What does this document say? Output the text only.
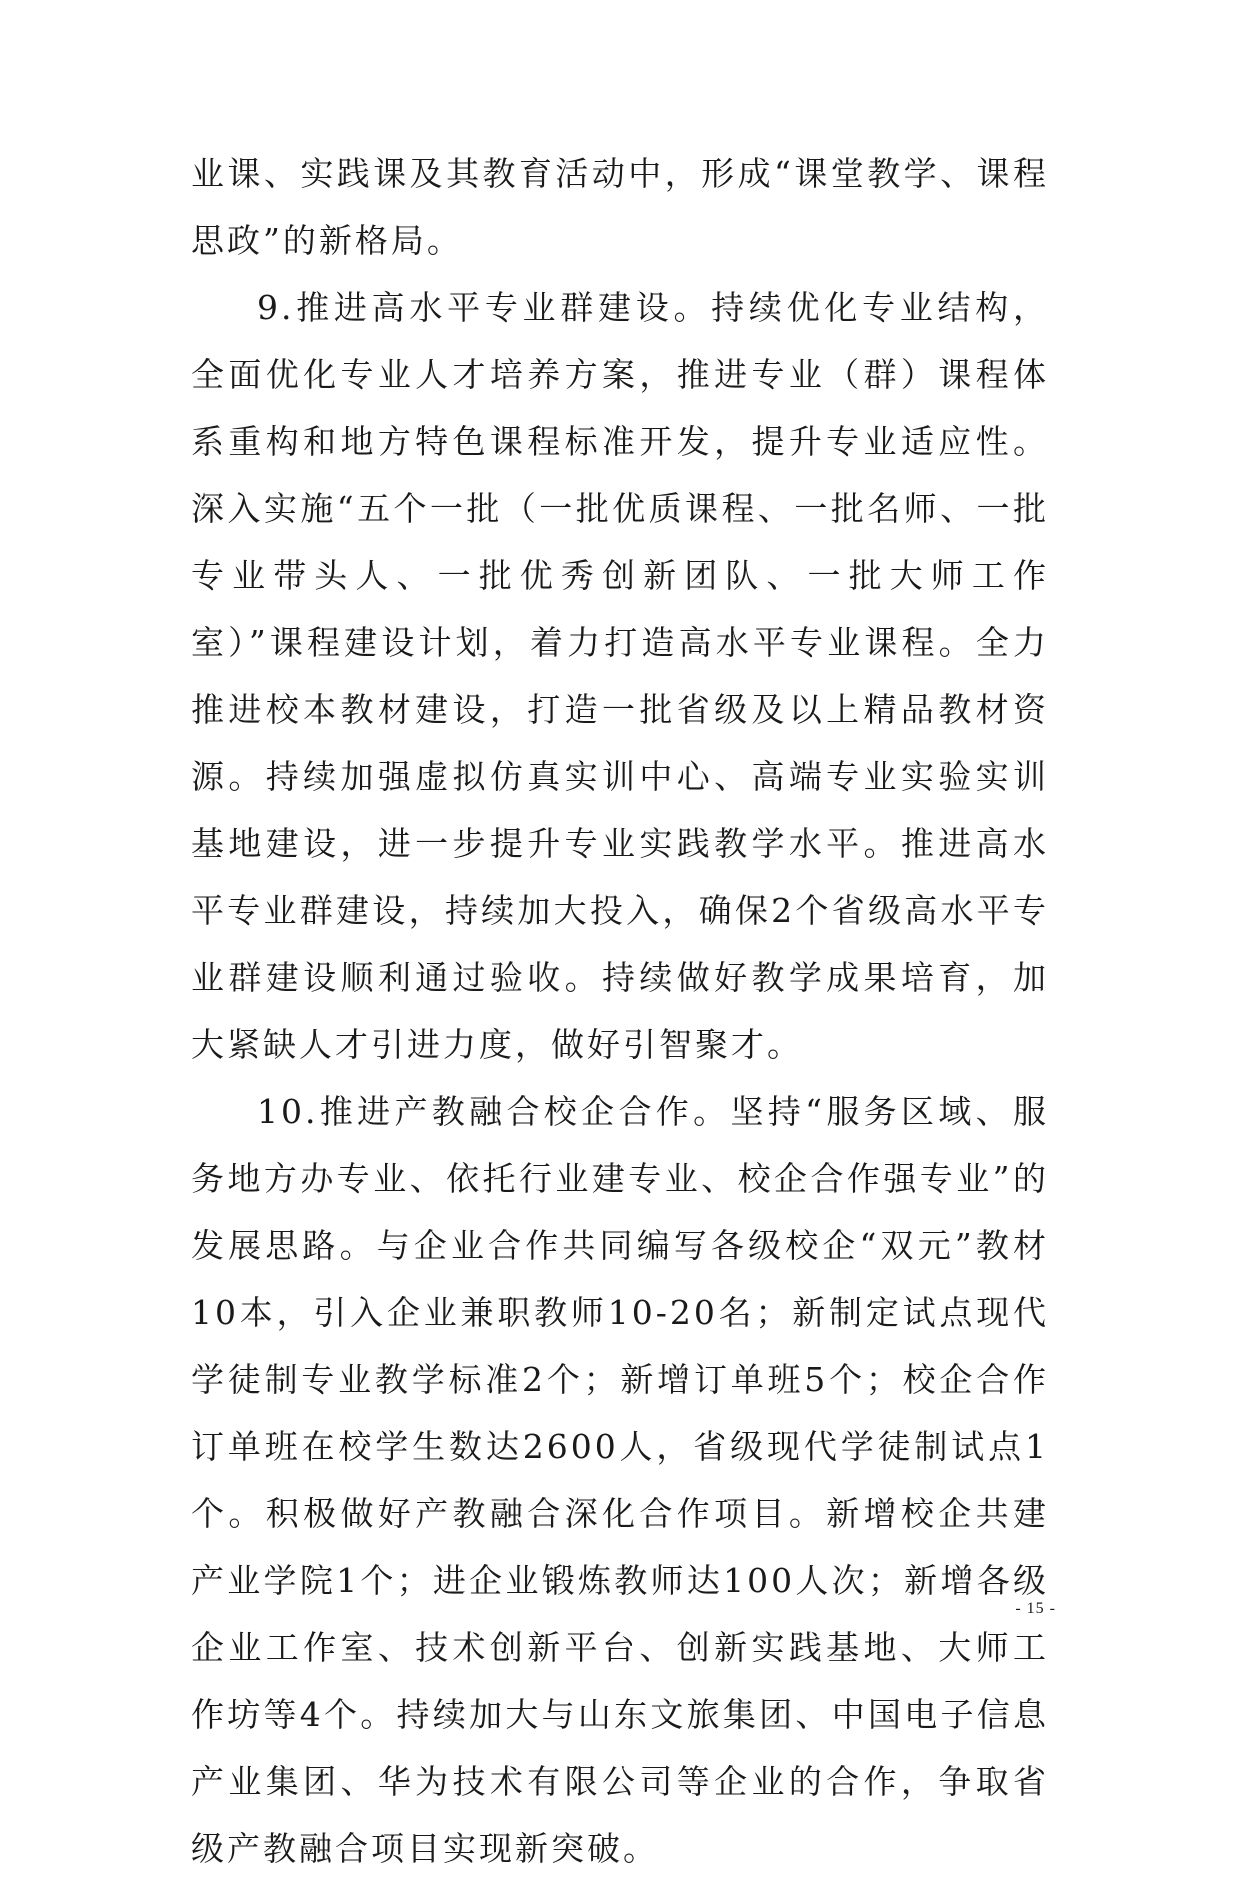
业课、实践课及其教育活动中，形成“课堂教学、课程思政”的新格局。

9.推进高水平专业群建设。持续优化专业结构，全面优化专业人才培养方案，推进专业（群）课程体系重构和地方特色课程标准开发，提升专业适应性。深入实施“五个一批（一批优质课程、一批名师、一批专业带头人、一批优秀创新团队、一批大师工作室）”课程建设计划，着力打造高水平专业课程。全力推进校本教材建设，打造一批省级及以上精品教材资源。持续加强虚拟仿真实训中心、高端专业实验实训基地建设，进一步提升专业实践教学水平。推进高水平专业群建设，持续加大投入，确保2个省级高水平专业群建设顺利通过验收。持续做好教学成果培育，加大紧缺人才引进力度，做好引智聚才。

10.推进产教融合校企合作。坚持“服务区域、服务地方办专业、依托行业建专业、校企合作强专业”的发展思路。与企业合作共同编写各级校企“双元”教材10本，引入企业兼职教师10-20名；新制定试点现代学徒制专业教学标准2个；新增订单班5个；校企合作订单班在校学生数达2600人，省级现代学徒制试点1个。积极做好产教融合深化合作项目。新增校企共建产业学院1个；进企业锻炼教师达100人次；新增各级企业工作室、技术创新平台、创新实践基地、大师工作坊等4个。持续加大与山东文旅集团、中国电子信息产业集团、华为技术有限公司等企业的合作，争取省级产教融合项目实现新突破。

- 15 -
